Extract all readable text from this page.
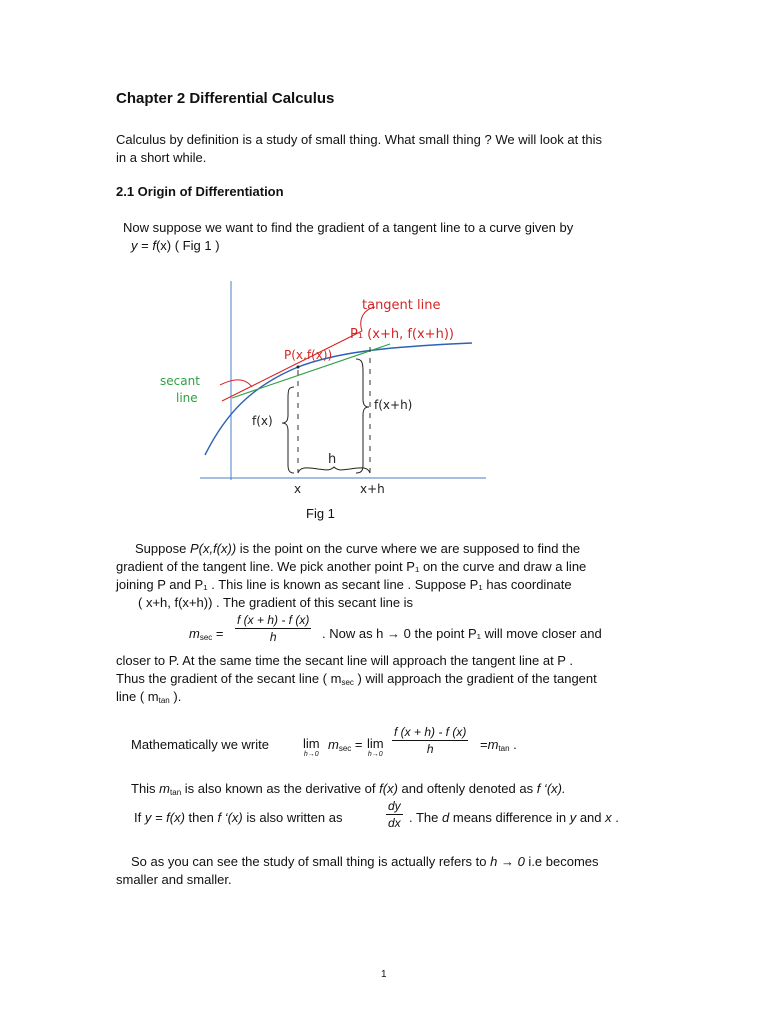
Chapter 2 Differential Calculus
Calculus by definition is a study of small thing. What small thing ? We will look at this
in a short while.
2.1 Origin of Differentiation
Now suppose we want to find the gradient of a tangent line to a curve given by
y = f(x) ( Fig 1 )
tangent line
P₁ (x+h, f(x+h))
P(x,f(x))
secant
line
f(x)
f(x+h)
h
x	x+h
Fig 1
Suppose P(x,f(x)) is the point on the curve where we are supposed to find the
gradient of the tangent line. We pick another point P₁ on the curve and draw a line
joining P and P₁ . This line is known as secant line . Suppose P₁ has coordinate
( x+h, f(x+h)) . The gradient of this secant line is
$m_{sec} = \frac{f (x + h) - f (x)}{h}$ . Now as h → 0 the point P₁ will move closer and
closer to P. At the same time the secant line will approach the tangent line at P .
Thus the gradient of the secant line ( $m_{sec}$ ) will approach the gradient of the tangent
line ( $m_{tan}$ ).
Mathematically we write	lim
h→0
$m_{sec} = \lim$
$h\to 0 \frac{f (x + h) - f (x)}{h} =m_{tan}$ .
This $m_{tan}$ is also known as the derivative of f(x) and oftenly denoted as f ‘(x).
If y = f(x) then f ‘(x) is also written as	$\frac{dy}{dx}$ . The d means difference in y and x .
So as you can see the study of small thing is actually refers to h → 0 i.e becomes
smaller and smaller.
1
